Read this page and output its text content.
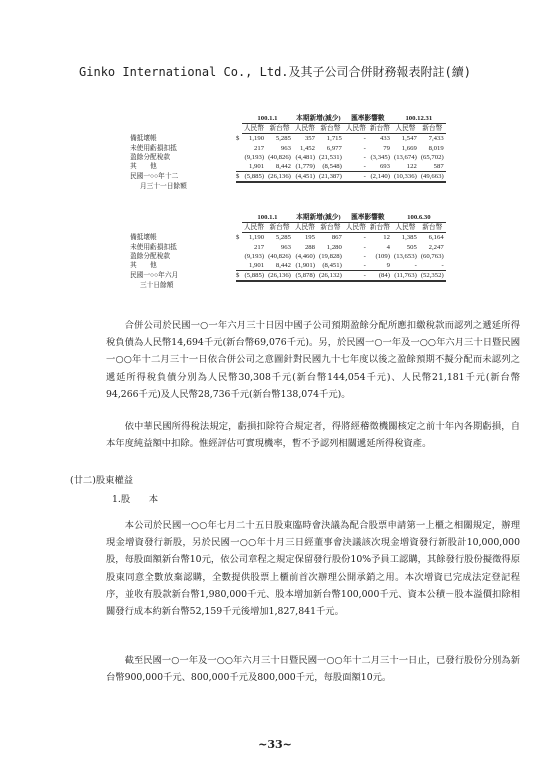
Ginko International Co., Ltd.及其子公司合併財務報表附註(續)
		100.1.1		本期新增(減少)		匯率影響數		100.12.31	
		人民幣	新台幣	人民幣	新台幣	人民幣	新台幣	人民幣	新台幣
備抵壞帳	$	1,190	5,285	357	1,715	-	433	1,547	7,433
未使用虧損扣抵		217	963	1,452	6,977	-	79	1,669	8,019
盈餘分配稅款		(9,193)	(40,826)	(4,481)	(21,531)	-	(3,345)	(13,674)	(65,702)
其　　他		1,901	8,442	(1,779)	(8,548)	-	693	122	587
民國一○○年十二	$	(5,885)	(26,136)	(4,451)	(21,387)	-	(2,140)	(10,336)	(49,663)
月三十一日餘額									
		100.1.1		本期新增(減少)		匯率影響數		100.6.30	
		人民幣	新台幣	人民幣	新台幣	人民幣	新台幣	人民幣	新台幣
備抵壞帳	$	1,190	5,285	195	867	-	12	1,385	6,164
未使用虧損扣抵		217	963	288	1,280	-	4	505	2,247
盈餘分配稅款		(9,193)	(40,826)	(4,460)	(19,828)	-	(109)	(13,653)	(60,763)
其　　他		1,901	8,442	(1,901)	(8,451)	-	9	-	-
民國一○○年六月	$	(5,885)	(26,136)	(5,878)	(26,132)	-	(84)	(11,763)	(52,352)
三十日餘額									

合併公司於民國一○一年六月三十日因中國子公司預期盈餘分配所應扣繳稅款而認列之遞延所得稅負債為人民幣14,694千元(新台幣69,076千元)。另，於民國一○一年及一○○年六月三十日暨民國一○○年十二月三十一日依合併公司之意圖針對民國九十七年度以後之盈餘預期不擬分配而未認列之遞延所得稅負債分別為人民幣30,308千元(新台幣144,054千元)、人民幣21,181千元(新台幣94,266千元)及人民幣28,736千元(新台幣138,074千元)。

依中華民國所得稅法規定，虧損扣除符合規定者，得將經稽徵機關核定之前十年內各期虧損，自本年度純益額中扣除。惟經評估可實現機率，暫不予認列相關遞延所得稅資產。

(廿二)股東權益
1.股　　本

本公司於民國一○○年七月二十五日股東臨時會決議為配合股票申請第一上櫃之相關規定，辦理現金增資發行新股，另於民國一○○年十月三日經董事會決議該次現金增資發行新股計10,000,000股，每股面額新台幣10元，依公司章程之規定保留發行股份10%予員工認購，其餘發行股份擬徵得原股東同意全數放棄認購，全數提供股票上櫃前首次辦理公開承銷之用。本次增資已完成法定登記程序，並收有股款新台幣1,980,000千元、股本增加新台幣100,000千元、資本公積－股本溢價扣除相關發行成本約新台幣52,159千元後增加1,827,841千元。

截至民國一○一年及一○○年六月三十日暨民國一○○年十二月三十一日止，已發行股份分別為新台幣900,000千元、800,000千元及800,000千元，每股面額10元。

~33~
